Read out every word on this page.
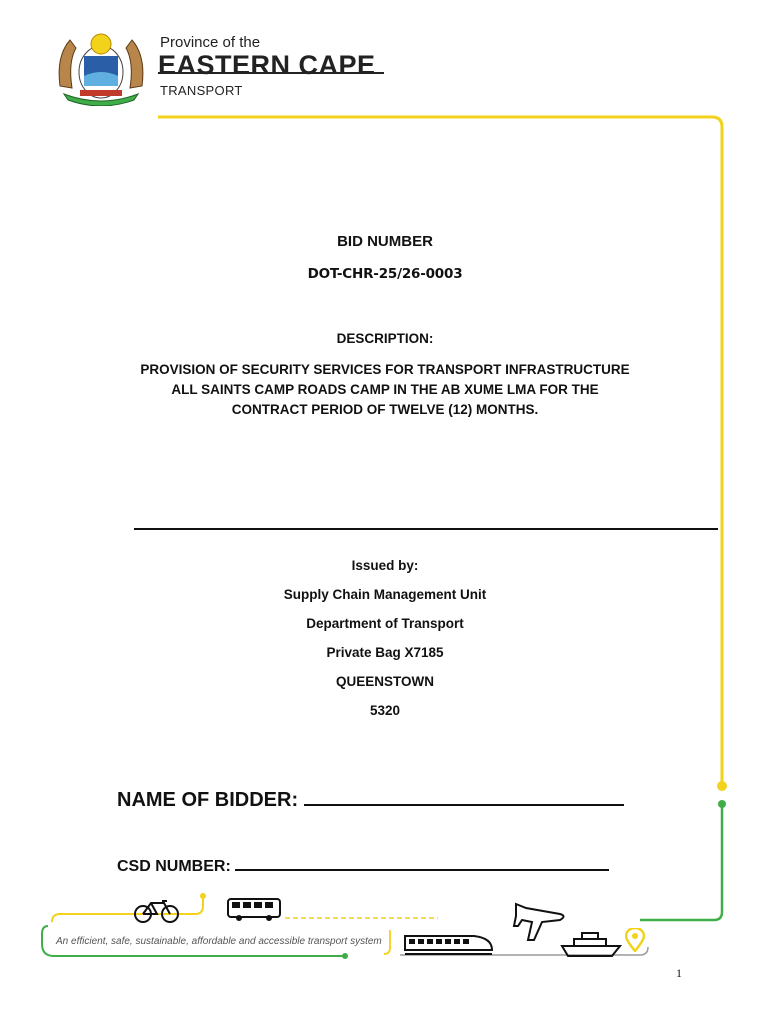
Province of the
EASTERN CAPE
TRANSPORT
BID NUMBER
DOT-CHR-25/26-0003
DESCRIPTION:
PROVISION OF SECURITY SERVICES FOR TRANSPORT INFRASTRUCTURE
ALL SAINTS CAMP ROADS CAMP IN THE AB XUME LMA FOR THE
CONTRACT PERIOD OF TWELVE (12) MONTHS.
Issued by:
Supply Chain Management Unit
Department of Transport
Private Bag X7185
QUEENSTOWN
5320
NAME OF BIDDER:
CSD NUMBER:
An efficient, safe, sustainable, affordable and accessible transport system
1
